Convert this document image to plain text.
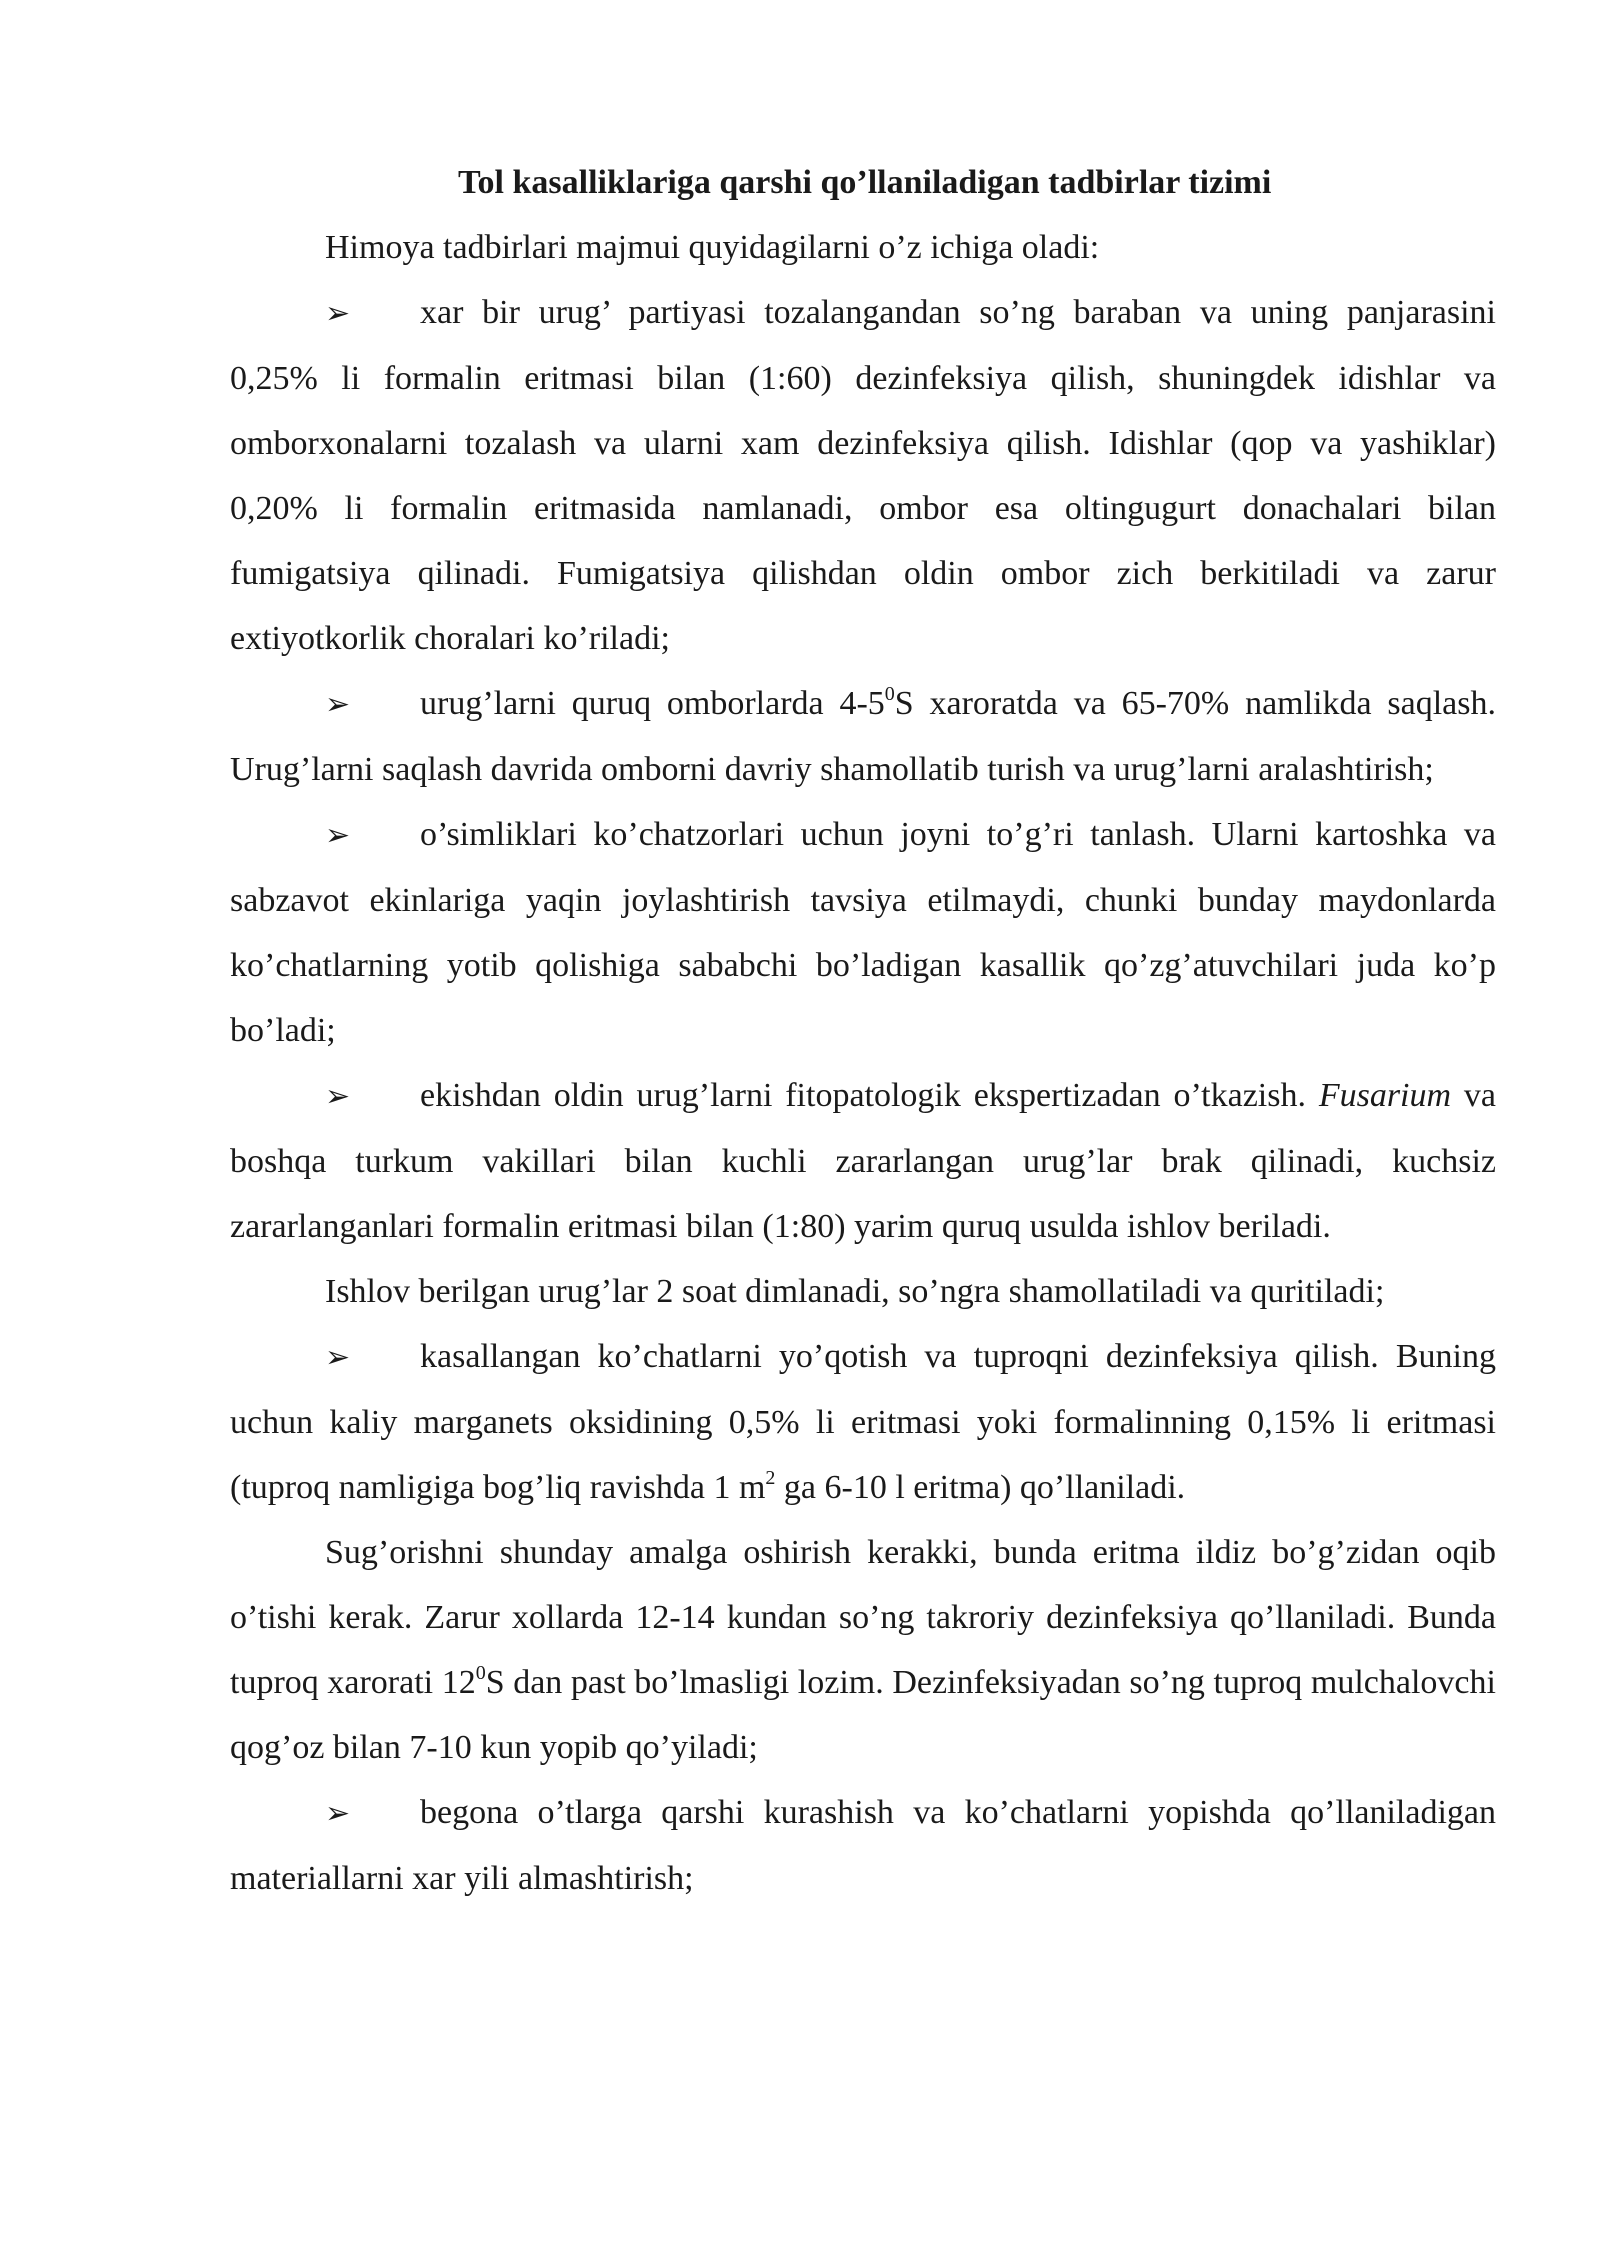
Tol kasalliklariga qarshi qo’llaniladigan tadbirlar tizimi

Himoya tadbirlari majmui quyidagilarni o’z ichiga oladi:

➢ xar bir urug’ partiyasi tozalangandan so’ng baraban va uning panjarasini 0,25% li formalin eritmasi bilan (1:60) dezinfeksiya qilish, shuningdek idishlar va omborxonalarni tozalash va ularni xam dezinfeksiya qilish. Idishlar (qop va yashiklar) 0,20% li formalin eritmasida namlanadi, ombor esa oltingugurt donachalari bilan fumigatsiya qilinadi. Fumigatsiya qilishdan oldin ombor zich berkitiladi va zarur extiyotkorlik choralari ko’riladi;

➢ urug’larni quruq omborlarda $4-5^0S$ xaroratda va 65-70% namlikda saqlash. Urug’larni saqlash davrida omborni davriy shamollatib turish va urug’larni aralashtirish;

➢ o’simliklari ko’chatzorlari uchun joyni to’g’ri tanlash. Ularni kartoshka va sabzavot ekinlariga yaqin joylashtirish tavsiya etilmaydi, chunki bunday maydonlarda ko’chatlarning yotib qolishiga sababchi bo’ladigan kasallik qo’zg’atuvchilari juda ko’p bo’ladi;

➢ ekishdan oldin urug’larni fitopatologik ekspertizadan o’tkazish. Fusarium va boshqa turkum vakillari bilan kuchli zararlangan urug’lar brak qilinadi, kuchsiz zararlanganlari formalin eritmasi bilan (1:80) yarim quruq usulda ishlov beriladi.

Ishlov berilgan urug’lar 2 soat dimlanadi, so’ngra shamollatiladi va quritiladi;

➢ kasallangan ko’chatlarni yo’qotish va tuproqni dezinfeksiya qilish. Buning uchun kaliy marganets oksidining 0,5% li eritmasi yoki formalinning 0,15% li eritmasi (tuproq namligiga bog’liq ravishda 1 $m^2$ ga 6-10 l eritma) qo’llaniladi.

Sug’orishni shunday amalga oshirish kerakki, bunda eritma ildiz bo’g’zidan oqib o’tishi kerak. Zarur xollarda 12-14 kundan so’ng takroriy dezinfeksiya qo’llaniladi. Bunda tuproq xarorati $12^0S$ dan past bo’lmasligi lozim. Dezinfeksiyadan so’ng tuproq mulchalovchi qog’oz bilan 7-10 kun yopib qo’yiladi;

➢ begona o’tlarga qarshi kurashish va ko’chatlarni yopishda qo’llaniladigan materiallarni xar yili almashtirish;
